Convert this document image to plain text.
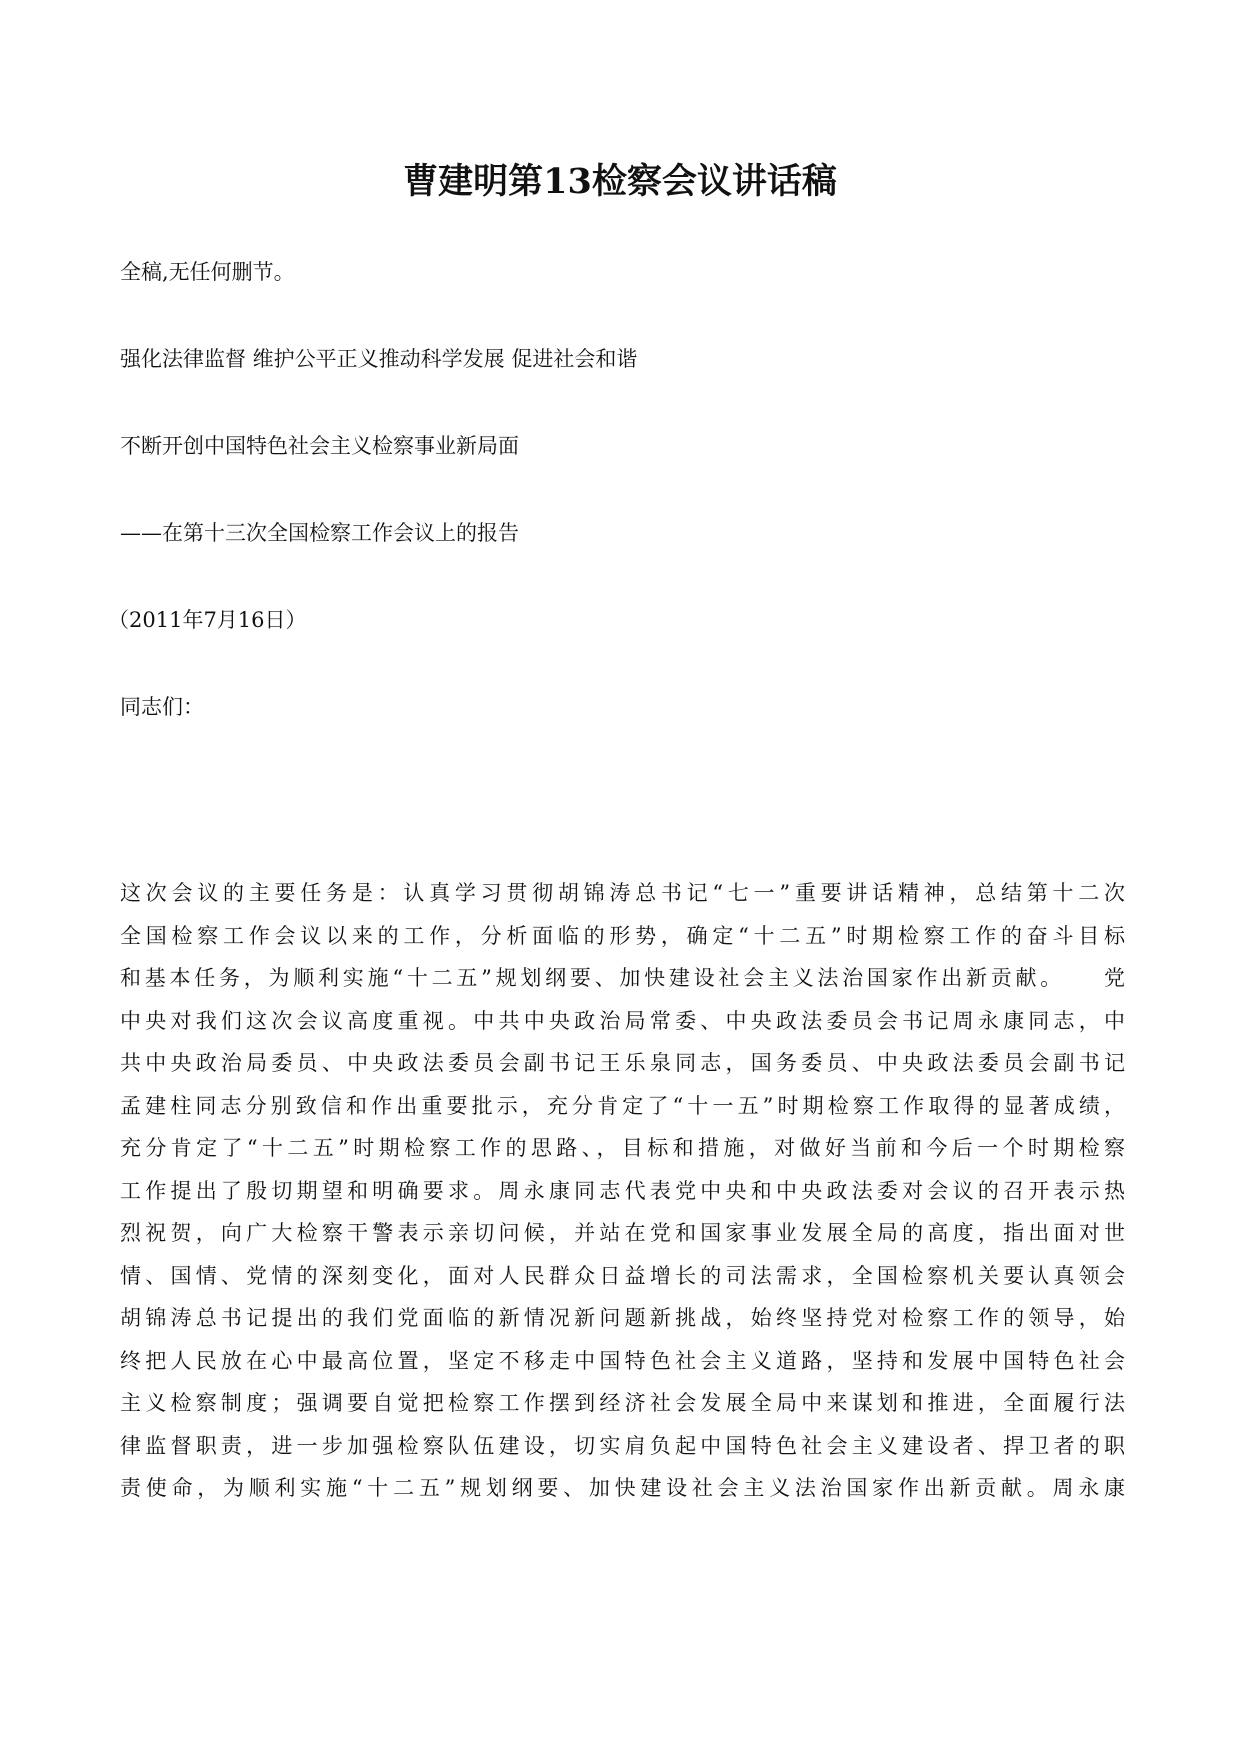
曹建明第13检察会议讲话稿
全稿,无任何删节。
强化法律监督 维护公平正义推动科学发展 促进社会和谐
不断开创中国特色社会主义检察事业新局面
——在第十三次全国检察工作会议上的报告
（2011年7月16日）
同志们：
这次会议的主要任务是：认真学习贯彻胡锦涛总书记“七一”重要讲话精神，总结第十二次
全国检察工作会议以来的工作，分析面临的形势，确定“十二五”时期检察工作的奋斗目标
和基本任务，为顺利实施“十二五”规划纲要、加快建设社会主义法治国家作出新贡献。　　党
中央对我们这次会议高度重视。中共中央政治局常委、中央政法委员会书记周永康同志，中
共中央政治局委员、中央政法委员会副书记王乐泉同志，国务委员、中央政法委员会副书记
孟建柱同志分别致信和作出重要批示，充分肯定了“十一五”时期检察工作取得的显著成绩，
充分肯定了“十二五”时期检察工作的思路、，目标和措施，对做好当前和今后一个时期检察
工作提出了殷切期望和明确要求。周永康同志代表党中央和中央政法委对会议的召开表示热
烈祝贺，向广大检察干警表示亲切问候，并站在党和国家事业发展全局的高度，指出面对世
情、国情、党情的深刻变化，面对人民群众日益增长的司法需求，全国检察机关要认真领会
胡锦涛总书记提出的我们党面临的新情况新问题新挑战，始终坚持党对检察工作的领导，始
终把人民放在心中最高位置，坚定不移走中国特色社会主义道路，坚持和发展中国特色社会
主义检察制度；强调要自觉把检察工作摆到经济社会发展全局中来谋划和推进，全面履行法
律监督职责，进一步加强检察队伍建设，切实肩负起中国特色社会主义建设者、捍卫者的职
责使命，为顺利实施“十二五”规划纲要、加快建设社会主义法治国家作出新贡献。周永康
